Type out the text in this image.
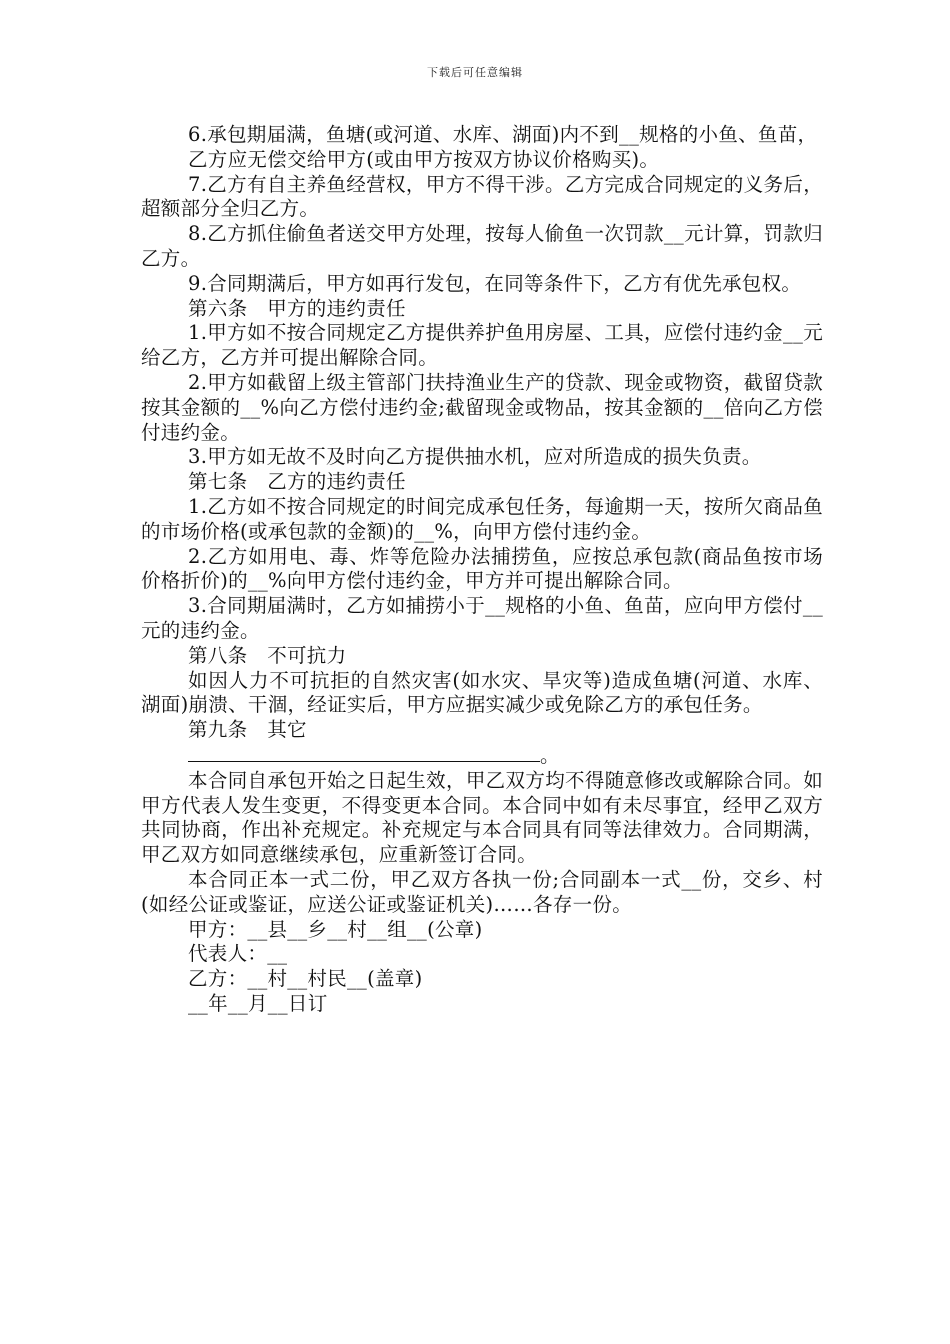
下载后可任意编辑

6.承包期届满，鱼塘(或河道、水库、湖面)内不到__规格的小鱼、鱼苗，

乙方应无偿交给甲方(或由甲方按双方协议价格购买)。

7.乙方有自主养鱼经营权，甲方不得干涉。乙方完成合同规定的义务后，超额部分全归乙方。

8.乙方抓住偷鱼者送交甲方处理，按每人偷鱼一次罚款__元计算，罚款归乙方。

9.合同期满后，甲方如再行发包，在同等条件下，乙方有优先承包权。

第六条　甲方的违约责任

1.甲方如不按合同规定乙方提供养护鱼用房屋、工具，应偿付违约金__元给乙方，乙方并可提出解除合同。

2.甲方如截留上级主管部门扶持渔业生产的贷款、现金或物资，截留贷款按其金额的__%向乙方偿付违约金;截留现金或物品，按其金额的__倍向乙方偿付违约金。

3.甲方如无故不及时向乙方提供抽水机，应对所造成的损失负责。

第七条　乙方的违约责任

1.乙方如不按合同规定的时间完成承包任务，每逾期一天，按所欠商品鱼的市场价格(或承包款的金额)的__%，向甲方偿付违约金。

2.乙方如用电、毒、炸等危险办法捕捞鱼，应按总承包款(商品鱼按市场价格折价)的__%向甲方偿付违约金，甲方并可提出解除合同。

3.合同期届满时，乙方如捕捞小于__规格的小鱼、鱼苗，应向甲方偿付__元的违约金。

第八条　不可抗力

如因人力不可抗拒的自然灾害(如水灾、旱灾等)造成鱼塘(河道、水库、湖面)崩溃、干涸，经证实后，甲方应据实减少或免除乙方的承包任务。

第九条　其它

。

本合同自承包开始之日起生效，甲乙双方均不得随意修改或解除合同。如甲方代表人发生变更，不得变更本合同。本合同中如有未尽事宜，经甲乙双方共同协商，作出补充规定。补充规定与本合同具有同等法律效力。合同期满，甲乙双方如同意继续承包，应重新签订合同。

本合同正本一式二份，甲乙双方各执一份;合同副本一式__份，交乡、村(如经公证或鉴证，应送公证或鉴证机关)……各存一份。

甲方：__县__乡__村__组__(公章)

代表人：__

乙方：__村__村民__(盖章)

__年__月__日订
